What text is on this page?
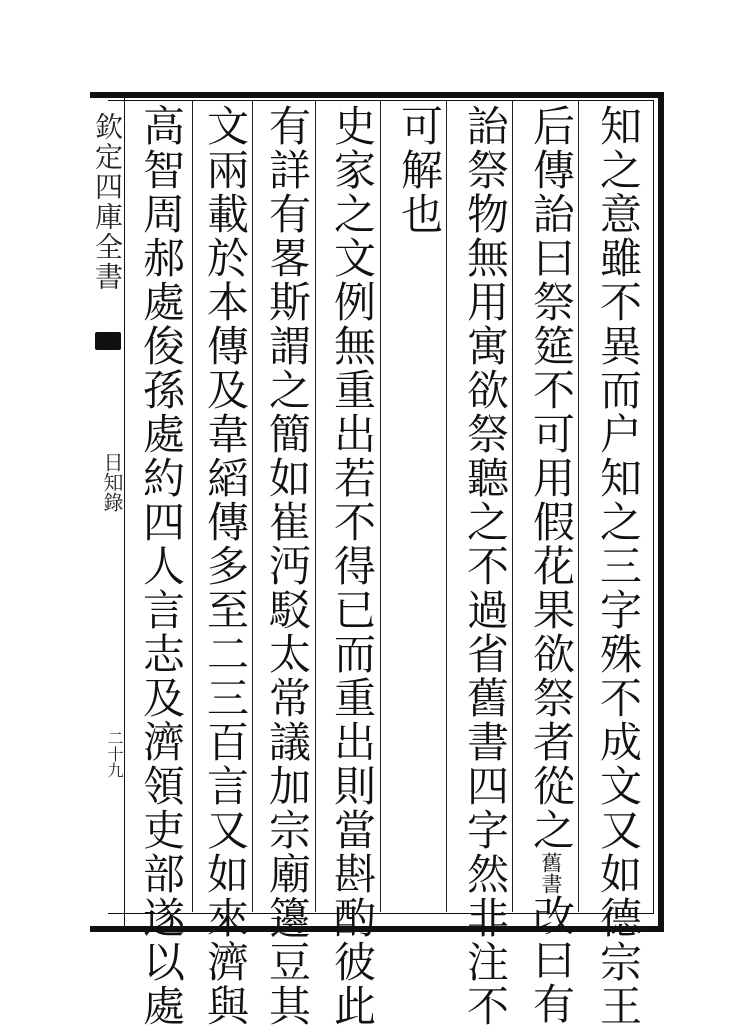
欽定四庫全書
日知錄
二十九	知之意雖不異而户知之三字殊不成文又如德宗王
后傳詒曰祭筵不可用假花果欲祭者從之舊書改曰有
詒祭物無用寓欲祭聽之不過省舊書四字然非注不
可解也
史家之文例無重出若不得已而重出則當斟酌彼此
有詳有畧斯謂之簡如崔沔駁太常議加宗廟籩豆其
文兩載於本傳及韋縚傳多至二三百言又如來濟與
高智周郝處俊孫處約四人言志及濟領吏部遂以處
